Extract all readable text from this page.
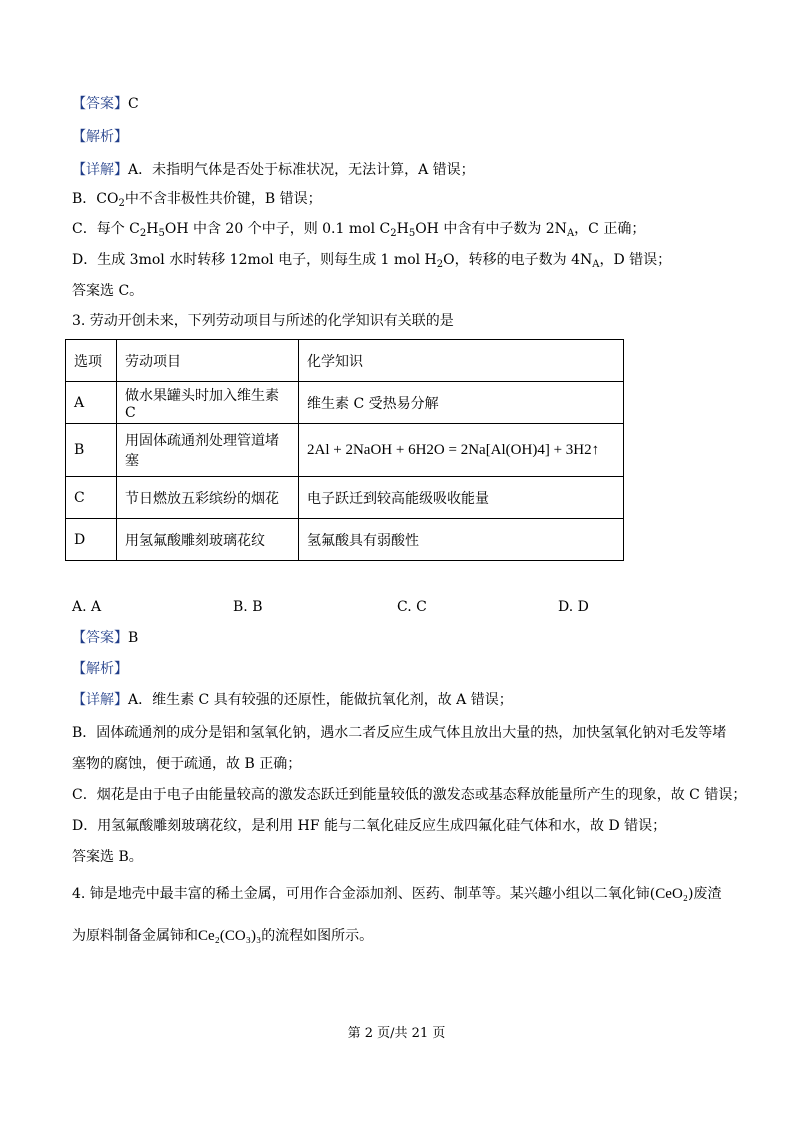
【答案】C
【解析】
【详解】A．未指明气体是否处于标准状况，无法计算，A 错误；
B．$CO_2$中不含非极性共价键，B 错误；
C．每个 $C_2H_5OH$ 中含 20 个中子，则 0.1 mol $C_2H_5OH$ 中含有中子数为 $2N_A$，C 正确；
D．生成 3mol 水时转移 12mol 电子，则每生成 1 mol $H_2O$，转移的电子数为 $4N_A$，D 错误；
答案选 C。
3. 劳动开创未来，下列劳动项目与所述的化学知识有关联的是
选项	劳动项目	化学知识
A	做水果罐头时加入维生素 C	维生素 C 受热易分解
B	用固体疏通剂处理管道堵塞	2Al + 2NaOH + 6H2O = 2Na[Al(OH)4] + 3H2↑
C	节日燃放五彩缤纷的烟花	电子跃迁到较高能级吸收能量
D	用氢氟酸雕刻玻璃花纹	氢氟酸具有弱酸性
A. A	B. B	C. C	D. D
【答案】B
【解析】
【详解】A．维生素 C 具有较强的还原性，能做抗氧化剂，故 A 错误；
B．固体疏通剂的成分是铝和氢氧化钠，遇水二者反应生成气体且放出大量的热，加快氢氧化钠对毛发等堵
塞物的腐蚀，便于疏通，故 B 正确；
C．烟花是由于电子由能量较高的激发态跃迁到能量较低的激发态或基态释放能量所产生的现象，故 C 错误；
D．用氢氟酸雕刻玻璃花纹，是利用 HF 能与二氧化硅反应生成四氟化硅气体和水，故 D 错误；
答案选 B。
4. 铈是地壳中最丰富的稀土金属，可用作合金添加剂、医药、制革等。某兴趣小组以二氧化铈(CeO₂)废渣
为原料制备金属铈和Ce₂(CO₃)₃的流程如图所示。
第 2 页/共 21 页
